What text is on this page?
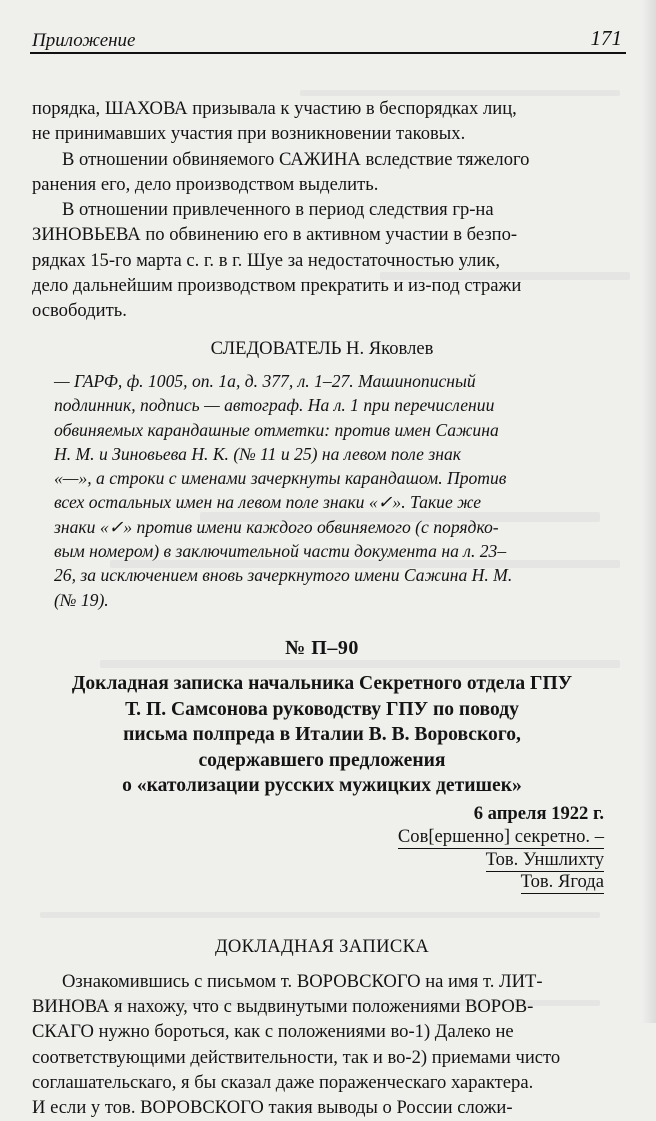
Приложение	171
порядка, ШАХОВА призывала к участию в беспорядках лиц,
не принимавших участия при возникновении таковых.
В отношении обвиняемого САЖИНА вследствие тяжелого
ранения его, дело производством выделить.
В отношении привлеченного в период следствия гр-на
ЗИНОВЬЕВА по обвинению его в активном участии в безпо-
рядках 15-го марта с. г. в г. Шуе за недостаточностью улик,
дело дальнейшим производством прекратить и из-под стражи
освободить.
СЛЕДОВАТЕЛЬ Н. Яковлев
— ГАРФ, ф. 1005, оп. 1а, д. 377, л. 1–27. Машинописный
подлинник, подпись — автограф. На л. 1 при перечислении
обвиняемых карандашные отметки: против имен Сажина
Н. М. и Зиновьева Н. К. (№ 11 и 25) на левом поле знак
«—», а строки с именами зачеркнуты карандашом. Против
всех остальных имен на левом поле знаки «✓». Такие же
знаки «✓» против имени каждого обвиняемого (с порядко-
вым номером) в заключительной части документа на л. 23–
26, за исключением вновь зачеркнутого имени Сажина Н. М.
(№ 19).
№ П–90
Докладная записка начальника Секретного отдела ГПУ
Т. П. Самсонова руководству ГПУ по поводу
письма полпреда в Италии В. В. Воровского,
содержавшего предложения
о «католизации русских мужицких детишек»
6 апреля 1922 г.
Сов[ершенно] секретно. –
Тов. Уншлихту
Тов. Ягода
ДОКЛАДНАЯ ЗАПИСКА
Ознакомившись с письмом т. ВОРОВСКОГО на имя т. ЛИТ-
ВИНОВА я нахожу, что с выдвинутыми положениями ВОРОВ-
СКАГО нужно бороться, как с положениями во-1) Далеко не
соответствующими действительности, так и во-2) приемами чисто
соглашательскаго, я бы сказал даже пораженческаго характера.
И если у тов. ВОРОВСКОГО такия выводы о России сложи-
